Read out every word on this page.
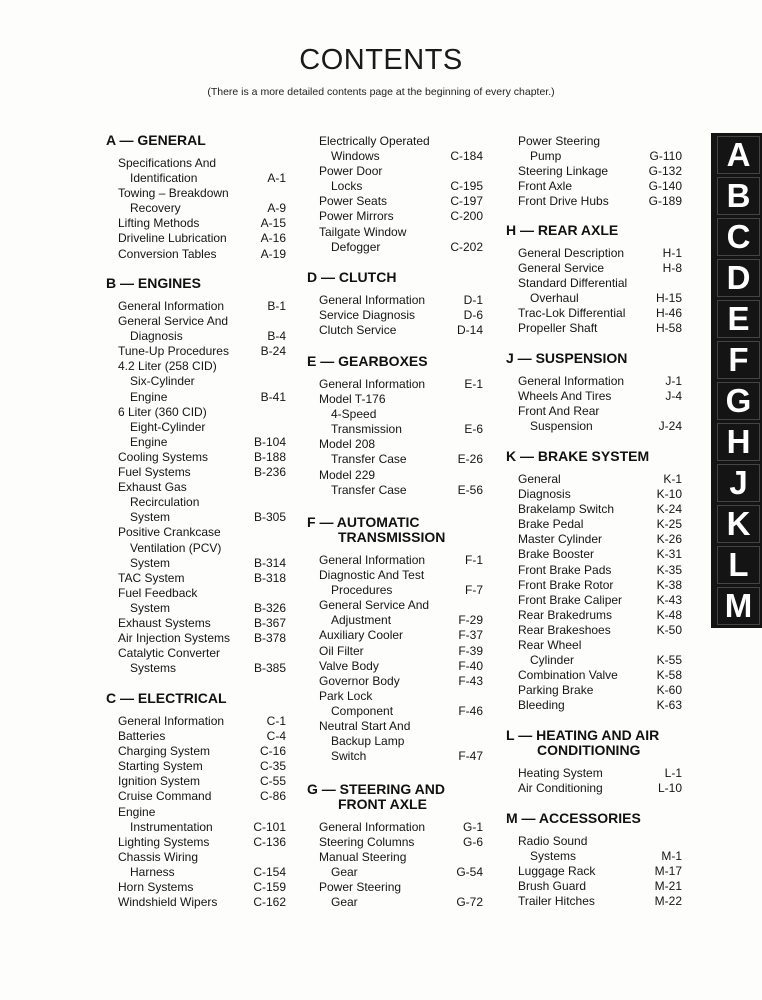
CONTENTS
(There is a more detailed contents page at the beginning of every chapter.)
A — GENERAL
Specifications And
Identification	A-1
Towing – Breakdown
Recovery	A-9
Lifting Methods	A-15
Driveline Lubrication	A-16
Conversion Tables	A-19
B — ENGINES
General Information	B-1
General Service And
Diagnosis	B-4
Tune-Up Procedures	B-24
4.2 Liter (258 CID)
Six-Cylinder
Engine	B-41
6 Liter (360 CID)
Eight-Cylinder
Engine	B-104
Cooling Systems	B-188
Fuel Systems	B-236
Exhaust Gas
Recirculation
System	B-305
Positive Crankcase
Ventilation (PCV)
System	B-314
TAC System	B-318
Fuel Feedback
System	B-326
Exhaust Systems	B-367
Air Injection Systems	B-378
Catalytic Converter
Systems	B-385
C — ELECTRICAL
General Information	C-1
Batteries	C-4
Charging System	C-16
Starting System	C-35
Ignition System	C-55
Cruise Command	C-86
Engine
Instrumentation	C-101
Lighting Systems	C-136
Chassis Wiring
Harness	C-154
Horn Systems	C-159
Windshield Wipers	C-162
Electrically Operated
Windows	C-184
Power Door
Locks	C-195
Power Seats	C-197
Power Mirrors	C-200
Tailgate Window
Defogger	C-202
D — CLUTCH
General Information	D-1
Service Diagnosis	D-6
Clutch Service	D-14
E — GEARBOXES
General Information	E-1
Model T-176
4-Speed
Transmission	E-6
Model 208
Transfer Case	E-26
Model 229
Transfer Case	E-56
F — AUTOMATIC
TRANSMISSION
General Information	F-1
Diagnostic And Test
Procedures	F-7
General Service And
Adjustment	F-29
Auxiliary Cooler	F-37
Oil Filter	F-39
Valve Body	F-40
Governor Body	F-43
Park Lock
Component	F-46
Neutral Start And
Backup Lamp
Switch	F-47
G — STEERING AND
FRONT AXLE
General Information	G-1
Steering Columns	G-6
Manual Steering
Gear	G-54
Power Steering
Gear	G-72
Power Steering
Pump	G-110
Steering Linkage	G-132
Front Axle	G-140
Front Drive Hubs	G-189
H — REAR AXLE
General Description	H-1
General Service	H-8
Standard Differential
Overhaul	H-15
Trac-Lok Differential	H-46
Propeller Shaft	H-58
J — SUSPENSION
General Information	J-1
Wheels And Tires	J-4
Front And Rear
Suspension	J-24
K — BRAKE SYSTEM
General	K-1
Diagnosis	K-10
Brakelamp Switch	K-24
Brake Pedal	K-25
Master Cylinder	K-26
Brake Booster	K-31
Front Brake Pads	K-35
Front Brake Rotor	K-38
Front Brake Caliper	K-43
Rear Brakedrums	K-48
Rear Brakeshoes	K-50
Rear Wheel
Cylinder	K-55
Combination Valve	K-58
Parking Brake	K-60
Bleeding	K-63
L — HEATING AND AIR
CONDITIONING
Heating System	L-1
Air Conditioning	L-10
M — ACCESSORIES
Radio Sound
Systems	M-1
Luggage Rack	M-17
Brush Guard	M-21
Trailer Hitches	M-22
A
B
C
D
E
F
G
H
J
K
L
M
